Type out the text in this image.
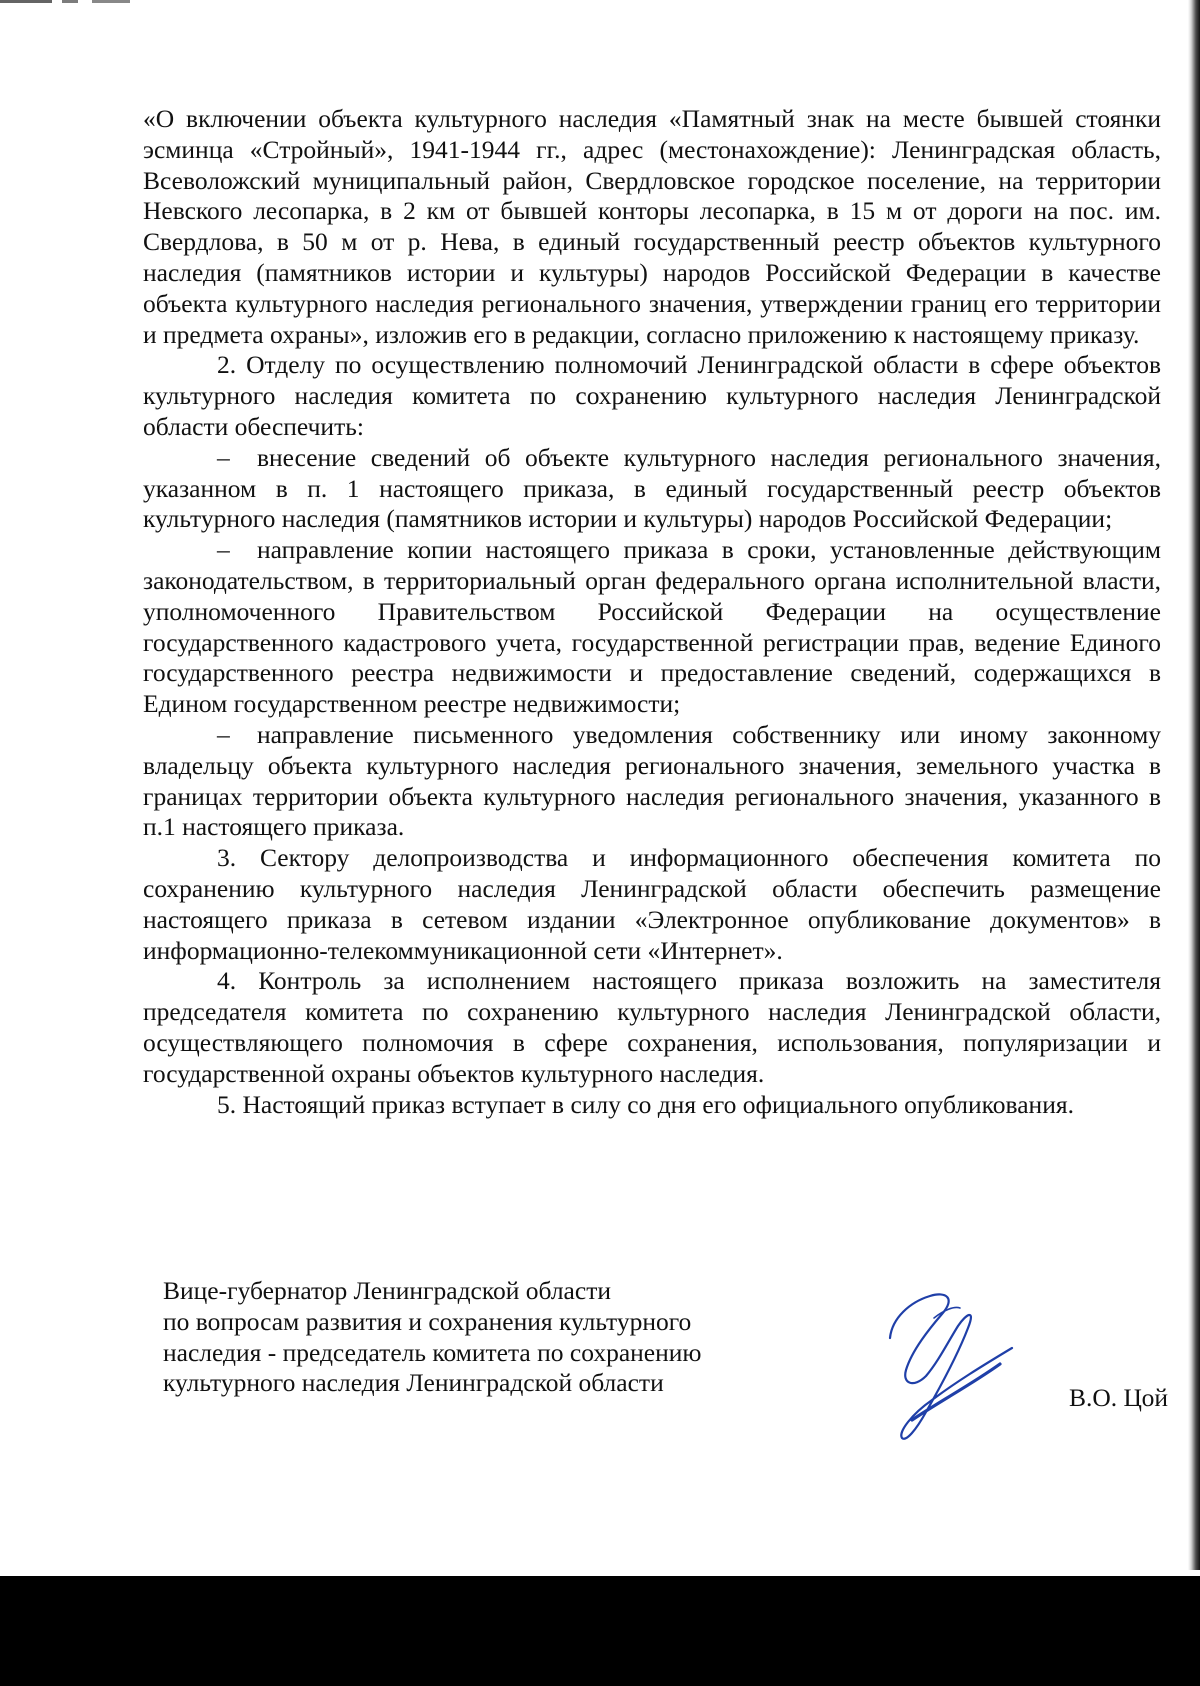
«О включении объекта культурного наследия «Памятный знак на месте бывшей стоянки эсминца «Стройный», 1941-1944 гг., адрес (местонахождение): Ленинградская область, Всеволожский муниципальный район, Свердловское городское поселение, на территории Невского лесопарка, в 2 км от бывшей конторы лесопарка, в 15 м от дороги на пос. им. Свердлова, в 50 м от р. Нева, в единый государственный реестр объектов культурного наследия (памятников истории и культуры) народов Российской Федерации в качестве объекта культурного наследия регионального значения, утверждении границ его территории и предмета охраны», изложив его в редакции, согласно приложению к настоящему приказу.

2. Отделу по осуществлению полномочий Ленинградской области в сфере объектов культурного наследия комитета по сохранению культурного наследия Ленинградской области обеспечить:

– внесение сведений об объекте культурного наследия регионального значения, указанном в п. 1 настоящего приказа, в единый государственный реестр объектов культурного наследия (памятников истории и культуры) народов Российской Федерации;

– направление копии настоящего приказа в сроки, установленные действующим законодательством, в территориальный орган федерального органа исполнительной власти, уполномоченного Правительством Российской Федерации на осуществление государственного кадастрового учета, государственной регистрации прав, ведение Единого государственного реестра недвижимости и предоставление сведений, содержащихся в Едином государственном реестре недвижимости;

– направление письменного уведомления собственнику или иному законному владельцу объекта культурного наследия регионального значения, земельного участка в границах территории объекта культурного наследия регионального значения, указанного в п.1 настоящего приказа.

3. Сектору делопроизводства и информационного обеспечения комитета по сохранению культурного наследия Ленинградской области обеспечить размещение настоящего приказа в сетевом издании «Электронное опубликование документов» в информационно-телекоммуникационной сети «Интернет».

4. Контроль за исполнением настоящего приказа возложить на заместителя председателя комитета по сохранению культурного наследия Ленинградской области, осуществляющего полномочия в сфере сохранения, использования, популяризации и государственной охраны объектов культурного наследия.

5. Настоящий приказ вступает в силу со дня его официального опубликования.

Вице-губернатор Ленинградской области
по вопросам развития и сохранения культурного
наследия - председатель комитета по сохранению
культурного наследия Ленинградской области
В.О. Цой
